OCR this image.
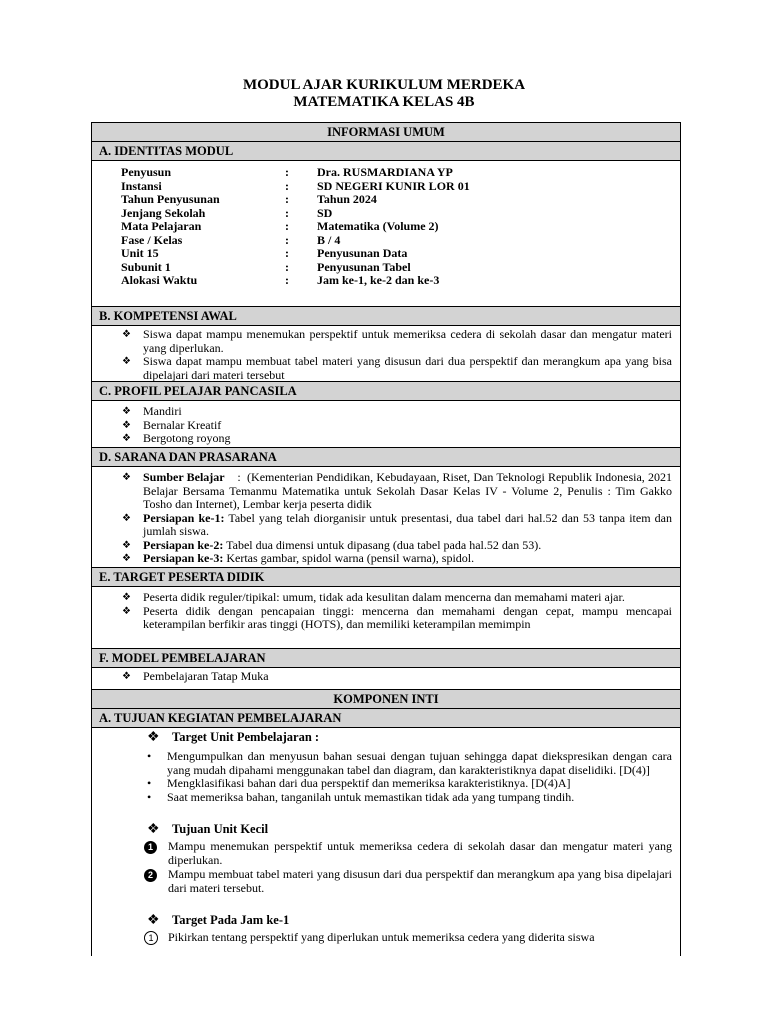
MODUL AJAR KURIKULUM MERDEKA
MATEMATIKA KELAS 4B
INFORMASI UMUM
A. IDENTITAS MODUL
Penyusun	:	Dra. RUSMARDIANA YP
Instansi	:	SD NEGERI KUNIR LOR 01
Tahun Penyusunan	:	Tahun 2024
Jenjang Sekolah	:	SD
Mata Pelajaran	:	Matematika (Volume 2)
Fase / Kelas	:	B / 4
Unit 15	:	Penyusunan Data
Subunit 1	:	Penyusunan Tabel
Alokasi Waktu	:	Jam ke-1, ke-2 dan ke-3
B. KOMPETENSI AWAL
❖	Siswa dapat mampu menemukan perspektif untuk memeriksa cedera di sekolah dasar dan mengatur materi yang diperlukan.
❖	Siswa dapat mampu membuat tabel materi yang disusun dari dua perspektif dan merangkum apa yang bisa dipelajari dari materi tersebut
C. PROFIL PELAJAR PANCASILA
❖	Mandiri
❖	Bernalar Kreatif
❖	Bergotong royong
D. SARANA DAN PRASARANA
❖	Sumber Belajar    :  (Kementerian Pendidikan, Kebudayaan, Riset, Dan Teknologi Republik Indonesia, 2021 Belajar Bersama Temanmu Matematika untuk Sekolah Dasar Kelas IV - Volume 2, Penulis : Tim Gakko Tosho dan Internet), Lembar kerja peserta didik
❖	Persiapan ke-1: Tabel yang telah diorganisir untuk presentasi, dua tabel dari hal.52 dan 53 tanpa item dan jumlah siswa.
❖	Persiapan ke-2: Tabel dua dimensi untuk dipasang (dua tabel pada hal.52 dan 53).
❖	Persiapan ke-3: Kertas gambar, spidol warna (pensil warna), spidol.
E. TARGET PESERTA DIDIK
❖	Peserta didik reguler/tipikal: umum, tidak ada kesulitan dalam mencerna dan memahami materi ajar.
❖	Peserta didik dengan pencapaian tinggi: mencerna dan memahami dengan cepat, mampu mencapai keterampilan berfikir aras tinggi (HOTS), dan memiliki keterampilan memimpin
F. MODEL PEMBELAJARAN
❖	Pembelajaran Tatap Muka
KOMPONEN INTI
A. TUJUAN KEGIATAN PEMBELAJARAN
❖ Target Unit Pembelajaran :
•	Mengumpulkan dan menyusun bahan sesuai dengan tujuan sehingga dapat diekspresikan dengan cara yang mudah dipahami menggunakan tabel dan diagram, dan karakteristiknya dapat diselidiki. [D(4)]
•	Mengklasifikasi bahan dari dua perspektif dan memeriksa karakteristiknya. [D(4)A]
•	Saat memeriksa bahan, tanganilah untuk memastikan tidak ada yang tumpang tindih.
❖ Tujuan Unit Kecil
1	Mampu menemukan perspektif untuk memeriksa cedera di sekolah dasar dan mengatur materi yang diperlukan.
2	Mampu membuat tabel materi yang disusun dari dua perspektif dan merangkum apa yang bisa dipelajari dari materi tersebut.
❖ Target Pada Jam ke-1
1	Pikirkan tentang perspektif yang diperlukan untuk memeriksa cedera yang diderita siswa
